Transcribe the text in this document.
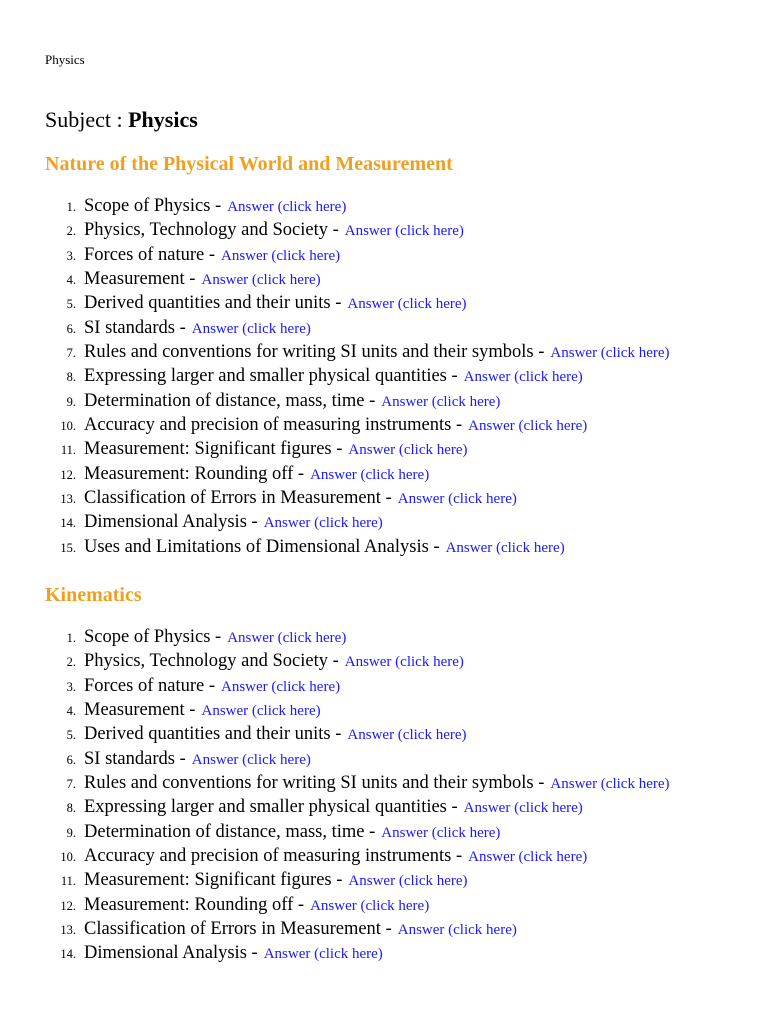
Physics
Subject : Physics
Nature of the Physical World and Measurement
1. Scope of Physics - Answer (click here)
2. Physics, Technology and Society - Answer (click here)
3. Forces of nature - Answer (click here)
4. Measurement - Answer (click here)
5. Derived quantities and their units - Answer (click here)
6. SI standards - Answer (click here)
7. Rules and conventions for writing SI units and their symbols - Answer (click here)
8. Expressing larger and smaller physical quantities - Answer (click here)
9. Determination of distance, mass, time - Answer (click here)
10. Accuracy and precision of measuring instruments - Answer (click here)
11. Measurement: Significant figures - Answer (click here)
12. Measurement: Rounding off - Answer (click here)
13. Classification of Errors in Measurement - Answer (click here)
14. Dimensional Analysis - Answer (click here)
15. Uses and Limitations of Dimensional Analysis - Answer (click here)
Kinematics
1. Scope of Physics - Answer (click here)
2. Physics, Technology and Society - Answer (click here)
3. Forces of nature - Answer (click here)
4. Measurement - Answer (click here)
5. Derived quantities and their units - Answer (click here)
6. SI standards - Answer (click here)
7. Rules and conventions for writing SI units and their symbols - Answer (click here)
8. Expressing larger and smaller physical quantities - Answer (click here)
9. Determination of distance, mass, time - Answer (click here)
10. Accuracy and precision of measuring instruments - Answer (click here)
11. Measurement: Significant figures - Answer (click here)
12. Measurement: Rounding off - Answer (click here)
13. Classification of Errors in Measurement - Answer (click here)
14. Dimensional Analysis - Answer (click here)
